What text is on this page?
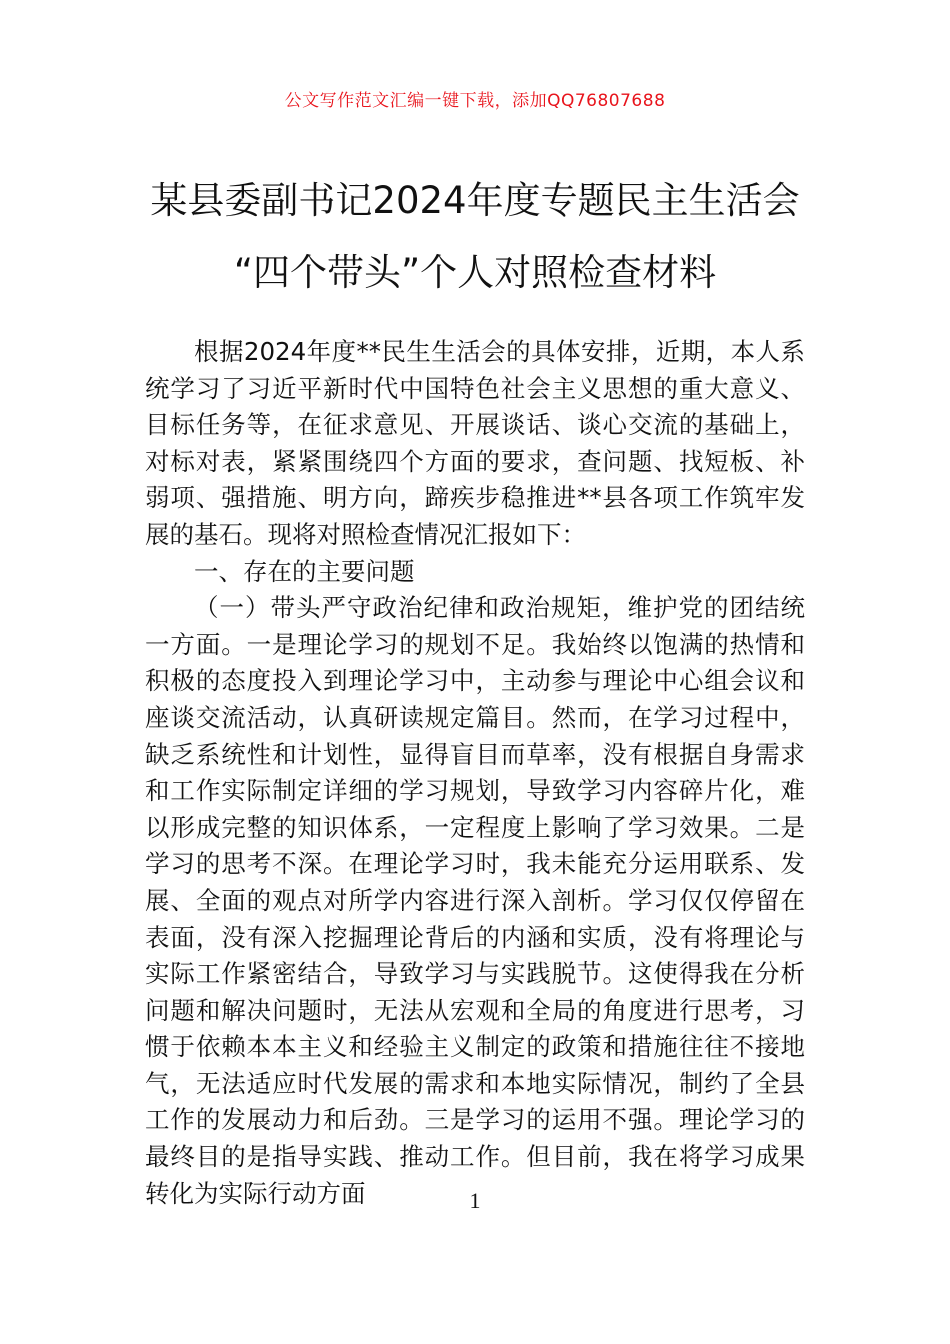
公文写作范文汇编一键下载，添加QQ76807688
某县委副书记2024年度专题民主生活会
“四个带头”个人对照检查材料

根据2024年度**民生生活会的具体安排，近期，本人系统学习了习近平新时代中国特色社会主义思想的重大意义、目标任务等，在征求意见、开展谈话、谈心交流的基础上，对标对表，紧紧围绕四个方面的要求，查问题、找短板、补弱项、强措施、明方向，蹄疾步稳推进**县各项工作筑牢发展的基石。现将对照检查情况汇报如下：

一、存在的主要问题

（一）带头严守政治纪律和政治规矩，维护党的团结统一方面。一是理论学习的规划不足。我始终以饱满的热情和积极的态度投入到理论学习中，主动参与理论中心组会议和座谈交流活动，认真研读规定篇目。然而，在学习过程中，缺乏系统性和计划性，显得盲目而草率，没有根据自身需求和工作实际制定详细的学习规划，导致学习内容碎片化，难以形成完整的知识体系，一定程度上影响了学习效果。二是学习的思考不深。在理论学习时，我未能充分运用联系、发展、全面的观点对所学内容进行深入剖析。学习仅仅停留在表面，没有深入挖掘理论背后的内涵和实质，没有将理论与实际工作紧密结合，导致学习与实践脱节。这使得我在分析问题和解决问题时，无法从宏观和全局的角度进行思考，习惯于依赖本本主义和经验主义制定的政策和措施往往不接地气，无法适应时代发展的需求和本地实际情况，制约了全县工作的发展动力和后劲。三是学习的运用不强。理论学习的最终目的是指导实践、推动工作。但目前，我在将学习成果转化为实际行动方面	1
